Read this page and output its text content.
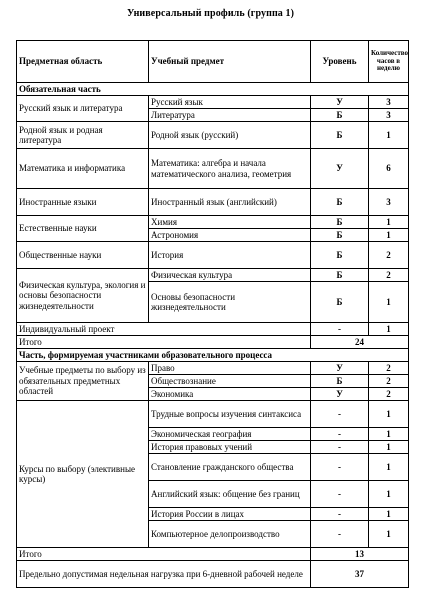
Универсальный профиль (группа 1)
Предметная область	Учебный предмет	Уровень	Количество часов в неделю
Обязательная часть			
Русский язык и литература	Русский язык	У	3
	Литература	Б	3
Родной язык и родная литература	Родной язык (русский)	Б	1
Математика и информатика	Математика: алгебра и начала математического анализа, геометрия	У	6
Иностранные языки	Иностранный язык (английский)	Б	3
Естественные науки	Химия	Б	1
	Астрономия	Б	1
Общественные науки	История	Б	2
Физическая культура, экология и основы безопасности жизнедеятельности	Физическая культура	Б	2
	Основы безопасности жизнедеятельности	Б	1
Индивидуальный проект		-	1
Итого		24	
Часть, формируемая участниками образовательного процесса			
Учебные предметы по выбору из обязательных предметных областей	Право	У	2
	Обществознание	Б	2
	Экономика	У	2
Курсы по выбору (элективные курсы)	Трудные вопросы изучения синтаксиса	-	1
	Экономическая география	-	1
	История правовых учений	-	1
	Становление гражданского общества	-	1
	Английский язык: общение без границ	-	1
	История России в лицах	-	1
	Компьютерное делопроизводство	-	1
Итого		13	
Предельно допустимая недельная нагрузка при 6-дневной рабочей неделе		37	
